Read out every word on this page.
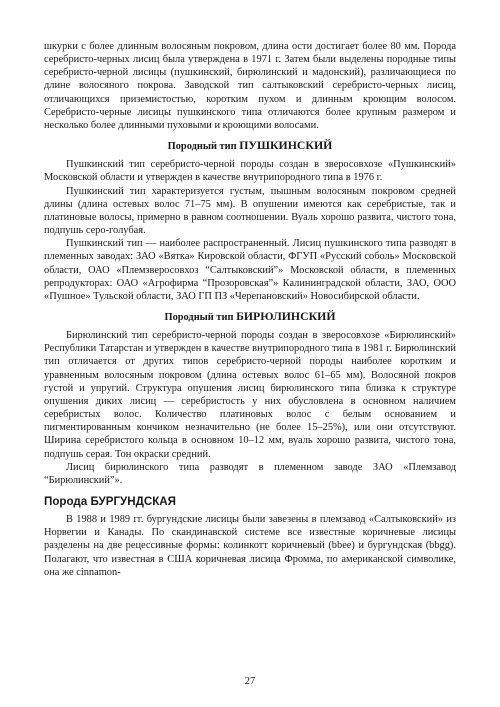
шкурки с более длинным волосяным покровом, длина ости достигает более 80 мм. Порода серебристо-черных лисиц была утверждена в 1971 г. Затем были выделены породные типы серебристо-черной лисицы (пушкинский, бирюлинский и мадонский), различающиеся по длине волосяного покрова. Заводской тип салтыковский серебристо-черных лисиц, отличающихся приземистостью, коротким пухом и длинным кроющим волосом. Серебристо-черные лисицы пушкинского типа отличаются более крупным размером и несколько более длинными пуховыми и кроющими волосами.

Породный тип ПУШКИНСКИЙ

Пушкинский тип серебристо-черной породы создан в зверосовхозе «Пушкинский» Московской области и утвержден в качестве внутрипородного типа в 1976 г.

Пушкинский тип характеризуется густым, пышным волосяным покровом средней длины (длина остевых волос 71–75 мм). В опушении имеются как серебристые, так и платиновые волосы, примерно в равном соотношении. Вуаль хорошо развита, чистого тона, подпушь серо-голубая.

Пушкинский тип — наиболее распространенный. Лисиц пушкинского типа разводят в племенных заводах: ЗАО «Вятка» Кировской области, ФГУП «Русский соболь» Московской области, ОАО «Племзверосовхоз “Салтыковский”» Московской области, в племенных репродукторах: ОАО «Агрофирма “Прозоровская”» Калининградской области, ЗАО, ООО «Пушное» Тульской области, ЗАО ГП ПЗ «Черепановский» Новосибирской области.

Породный тип БИРЮЛИНСКИЙ

Бирюлинский тип серебристо-черной породы создан в зверосовхозе «Бирюлинский» Республики Татарстан и утвержден в качестве внутрипородного типа в 1981 г. Бирюлинский тип отличается от других типов серебристо-черной породы наиболее коротким и уравненным волосяным покровом (длина остевых волос 61–65 мм). Волосяной покров густой и упругий. Структура опушения лисиц бирюлинского типа близка к структуре опушения диких лисиц — серебристость у них обусловлена в основном наличием серебристых волос. Количество платиновых волос с белым основанием и пигментированным кончиком незначительно (не более 15–25%), или они отсутствуют. Ширина серебристого кольца в основном 10–12 мм, вуаль хорошо развита, чистого тона, подпушь серая. Тон окраски средний.

Лисиц бирюлинского типа разводят в племенном заводе ЗАО «Племзавод “Бирюлинский”».

Порода БУРГУНДСКАЯ

В 1988 и 1989 гг. бургундские лисицы были завезены в племзавод «Салтыковский» из Норвегии и Канады. По скандинавской системе все известные коричневые лисицы разделены на две рецессивные формы: колинкотт коричневый (bbee) и бургундская (bbgg). Полагают, что известная в США коричневая лисица Фромма, по американской символике, она же cinnamon-

27
